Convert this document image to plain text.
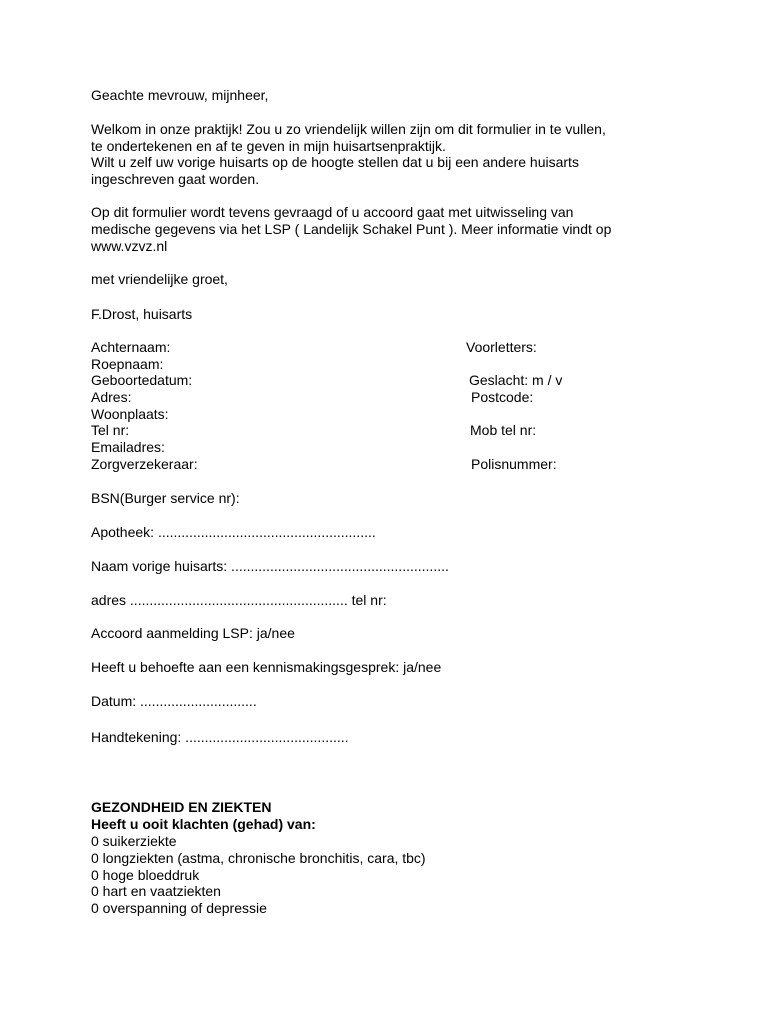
Geachte mevrouw, mijnheer,

Welkom in onze praktijk! Zou u zo vriendelijk willen zijn om dit formulier in te vullen,

te ondertekenen en af te geven in mijn huisartsenpraktijk.

Wilt u zelf uw vorige huisarts op de hoogte stellen dat u bij een andere huisarts

ingeschreven gaat worden.

Op dit formulier wordt tevens gevraagd of u accoord gaat met uitwisseling van

medische gegevens via het LSP ( Landelijk Schakel Punt ). Meer informatie vindt op

www.vzvz.nl

met vriendelijke groet,

F.Drost, huisarts

Achternaam:	Voorletters:

Roepnaam:

Geboortedatum:	Geslacht: m / v

Adres:	Postcode:

Woonplaats:

Tel nr:	Mob tel nr:

Emailadres:

Zorgverzekeraar:	Polisnummer:

BSN(Burger service nr):

Apotheek: ........................................................

Naam vorige huisarts: ........................................................

adres ........................................................ tel nr:

Accoord aanmelding LSP: ja/nee

Heeft u behoefte aan een kennismakingsgesprek: ja/nee

Datum: ..............................

Handtekening: ..........................................

GEZONDHEID EN ZIEKTEN

Heeft u ooit klachten (gehad) van:

0 suikerziekte

0 longziekten (astma, chronische bronchitis, cara, tbc)

0 hoge bloeddruk

0 hart en vaatziekten

0 overspanning of depressie
